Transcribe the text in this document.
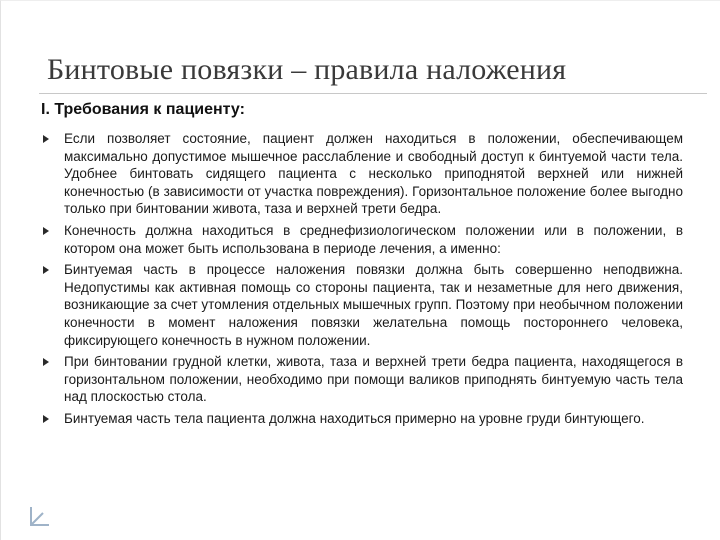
Бинтовые повязки – правила наложения
I. Требования к пациенту:
Если позволяет состояние, пациент должен находиться в положении, обеспечивающем максимально допустимое мышечное расслабление и свободный доступ к бинтуемой части тела. Удобнее бинтовать сидящего пациента с несколько приподнятой верхней или нижней конечностью (в зависимости от участка повреждения). Горизонтальное положение более выгодно только при бинтовании живота, таза и верхней трети бедра.
Конечность должна находиться в среднефизиологическом положении или в положении, в котором она может быть использована в периоде лечения, а именно:
Бинтуемая часть в процессе наложения повязки должна быть совершенно неподвижна. Недопустимы как активная помощь со стороны пациента, так и незаметные для него движения, возникающие за счет утомления отдельных мышечных групп. Поэтому при необычном положении конечности в момент наложения повязки желательна помощь постороннего человека, фиксирующего конечность в нужном положении.
При бинтовании грудной клетки, живота, таза и верхней трети бедра пациента, находящегося в горизонтальном положении, необходимо при помощи валиков приподнять бинтуемую часть тела над плоскостью стола.
Бинтуемая часть тела пациента должна находиться примерно на уровне груди бинтующего.
